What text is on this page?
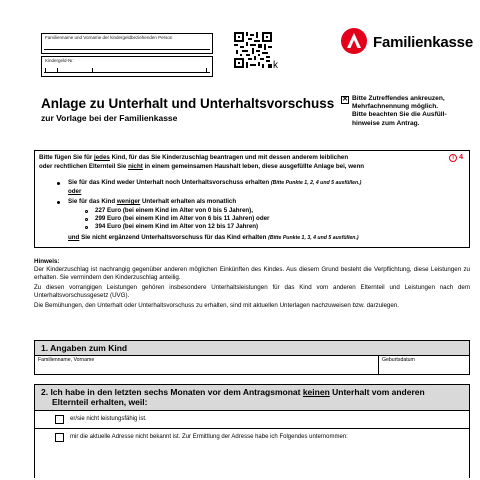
Familienname und Vorname der kindergeldbeziehenden Person
Kindergeld-Nr.	k
Familienkasse
Anlage zu Unterhalt und Unterhaltsvorschuss
zur Vorlage bei der Familienkasse
✕ Bitte Zutreffendes ankreuzen,
Mehrfachnennung möglich.
Bitte beachten Sie die Ausfüll-
hinweise zum Antrag.
Bitte fügen Sie für jedes Kind, für das Sie Kinderzuschlag beantragen und mit dessen anderem leiblichen
oder rechtlichen Elternteil Sie nicht in einem gemeinsamen Haushalt leben, diese ausgefüllte Anlage bei, wenn
i 4
Sie für das Kind weder Unterhalt noch Unterhaltsvorschuss erhalten (Bitte Punkte 1, 2, 4 und 5 ausfüllen.)
oder
Sie für das Kind weniger Unterhalt erhalten als monatlich
227 Euro (bei einem Kind im Alter von 0 bis 5 Jahren),
299 Euro (bei einem Kind im Alter von 6 bis 11 Jahren) oder
394 Euro (bei einem Kind im Alter von 12 bis 17 Jahren)
und Sie nicht ergänzend Unterhaltsvorschuss für das Kind erhalten (Bitte Punkte 1, 3, 4 und 5 ausfüllen.)
Hinweis:
Der Kinderzuschlag ist nachrangig gegenüber anderen möglichen Einkünften des Kindes. Aus diesem Grund besteht die Verpflichtung, diese Leistungen zu erhalten. Sie vermindern den Kinderzuschlag anteilig.
Zu diesen vorrangigen Leistungen gehören insbesondere Unterhaltsleistungen für das Kind vom anderen Elternteil und Leistungen nach dem Unterhaltsvorschussgesetz (UVG).
Die Bemühungen, den Unterhalt oder Unterhaltsvorschuss zu erhalten, sind mit aktuellen Unterlagen nachzuweisen bzw. darzulegen.
1. Angaben zum Kind
Familienname, Vorname	Geburtsdatum
2. Ich habe in den letzten sechs Monaten vor dem Antragsmonat keinen Unterhalt vom anderen
Elternteil erhalten, weil:
er/sie nicht leistungsfähig ist.
mir die aktuelle Adresse nicht bekannt ist. Zur Ermittlung der Adresse habe ich Folgendes unternommen:
